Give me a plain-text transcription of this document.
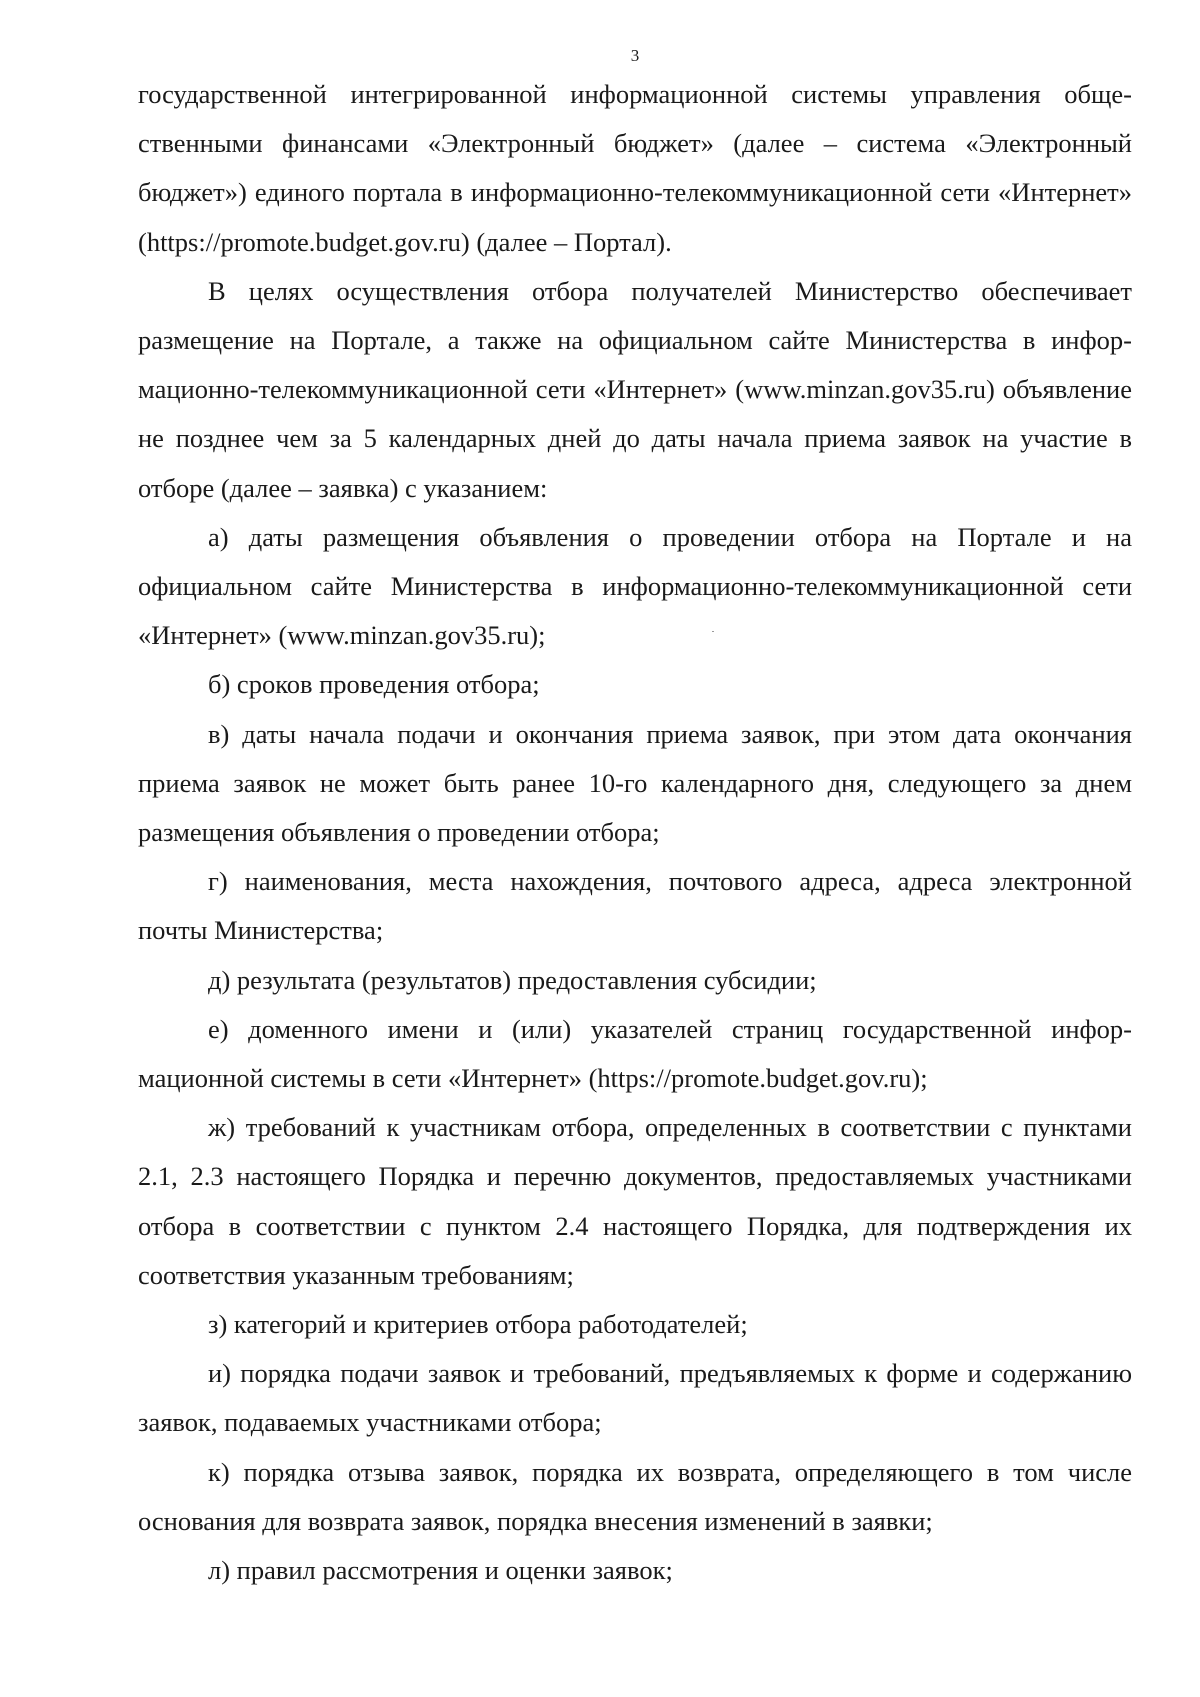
3

государственной интегрированной информационной системы управления общественными финансами «Электронный бюджет» (далее – система «Электронный бюджет») единого портала в информационно-телекоммуникационной сети «Интернет» (https://promote.budget.gov.ru) (далее – Портал).

В целях осуществления отбора получателей Министерство обеспечивает размещение на Портале, а также на официальном сайте Министерства в информационно-телекоммуникационной сети «Интернет» (www.minzan.gov35.ru) объявление не позднее чем за 5 календарных дней до даты начала приема заявок на участие в отборе (далее – заявка) с указанием:

а) даты размещения объявления о проведении отбора на Портале и на официальном сайте Министерства в информационно-телекоммуникационной сети «Интернет» (www.minzan.gov35.ru);

б) сроков проведения отбора;

в) даты начала подачи и окончания приема заявок, при этом дата окончания приема заявок не может быть ранее 10-го календарного дня, следующего за днем размещения объявления о проведении отбора;

г) наименования, места нахождения, почтового адреса, адреса электронной почты Министерства;

д) результата (результатов) предоставления субсидии;

е) доменного имени и (или) указателей страниц государственной информационной системы в сети «Интернет» (https://promote.budget.gov.ru);

ж) требований к участникам отбора, определенных в соответствии с пунктами 2.1, 2.3 настоящего Порядка и перечню документов, предоставляемых участниками отбора в соответствии с пунктом 2.4 настоящего Порядка, для подтверждения их соответствия указанным требованиям;

з) категорий и критериев отбора работодателей;

и) порядка подачи заявок и требований, предъявляемых к форме и содержанию заявок, подаваемых участниками отбора;

к) порядка отзыва заявок, порядка их возврата, определяющего в том числе основания для возврата заявок, порядка внесения изменений в заявки;

л) правил рассмотрения и оценки заявок;
